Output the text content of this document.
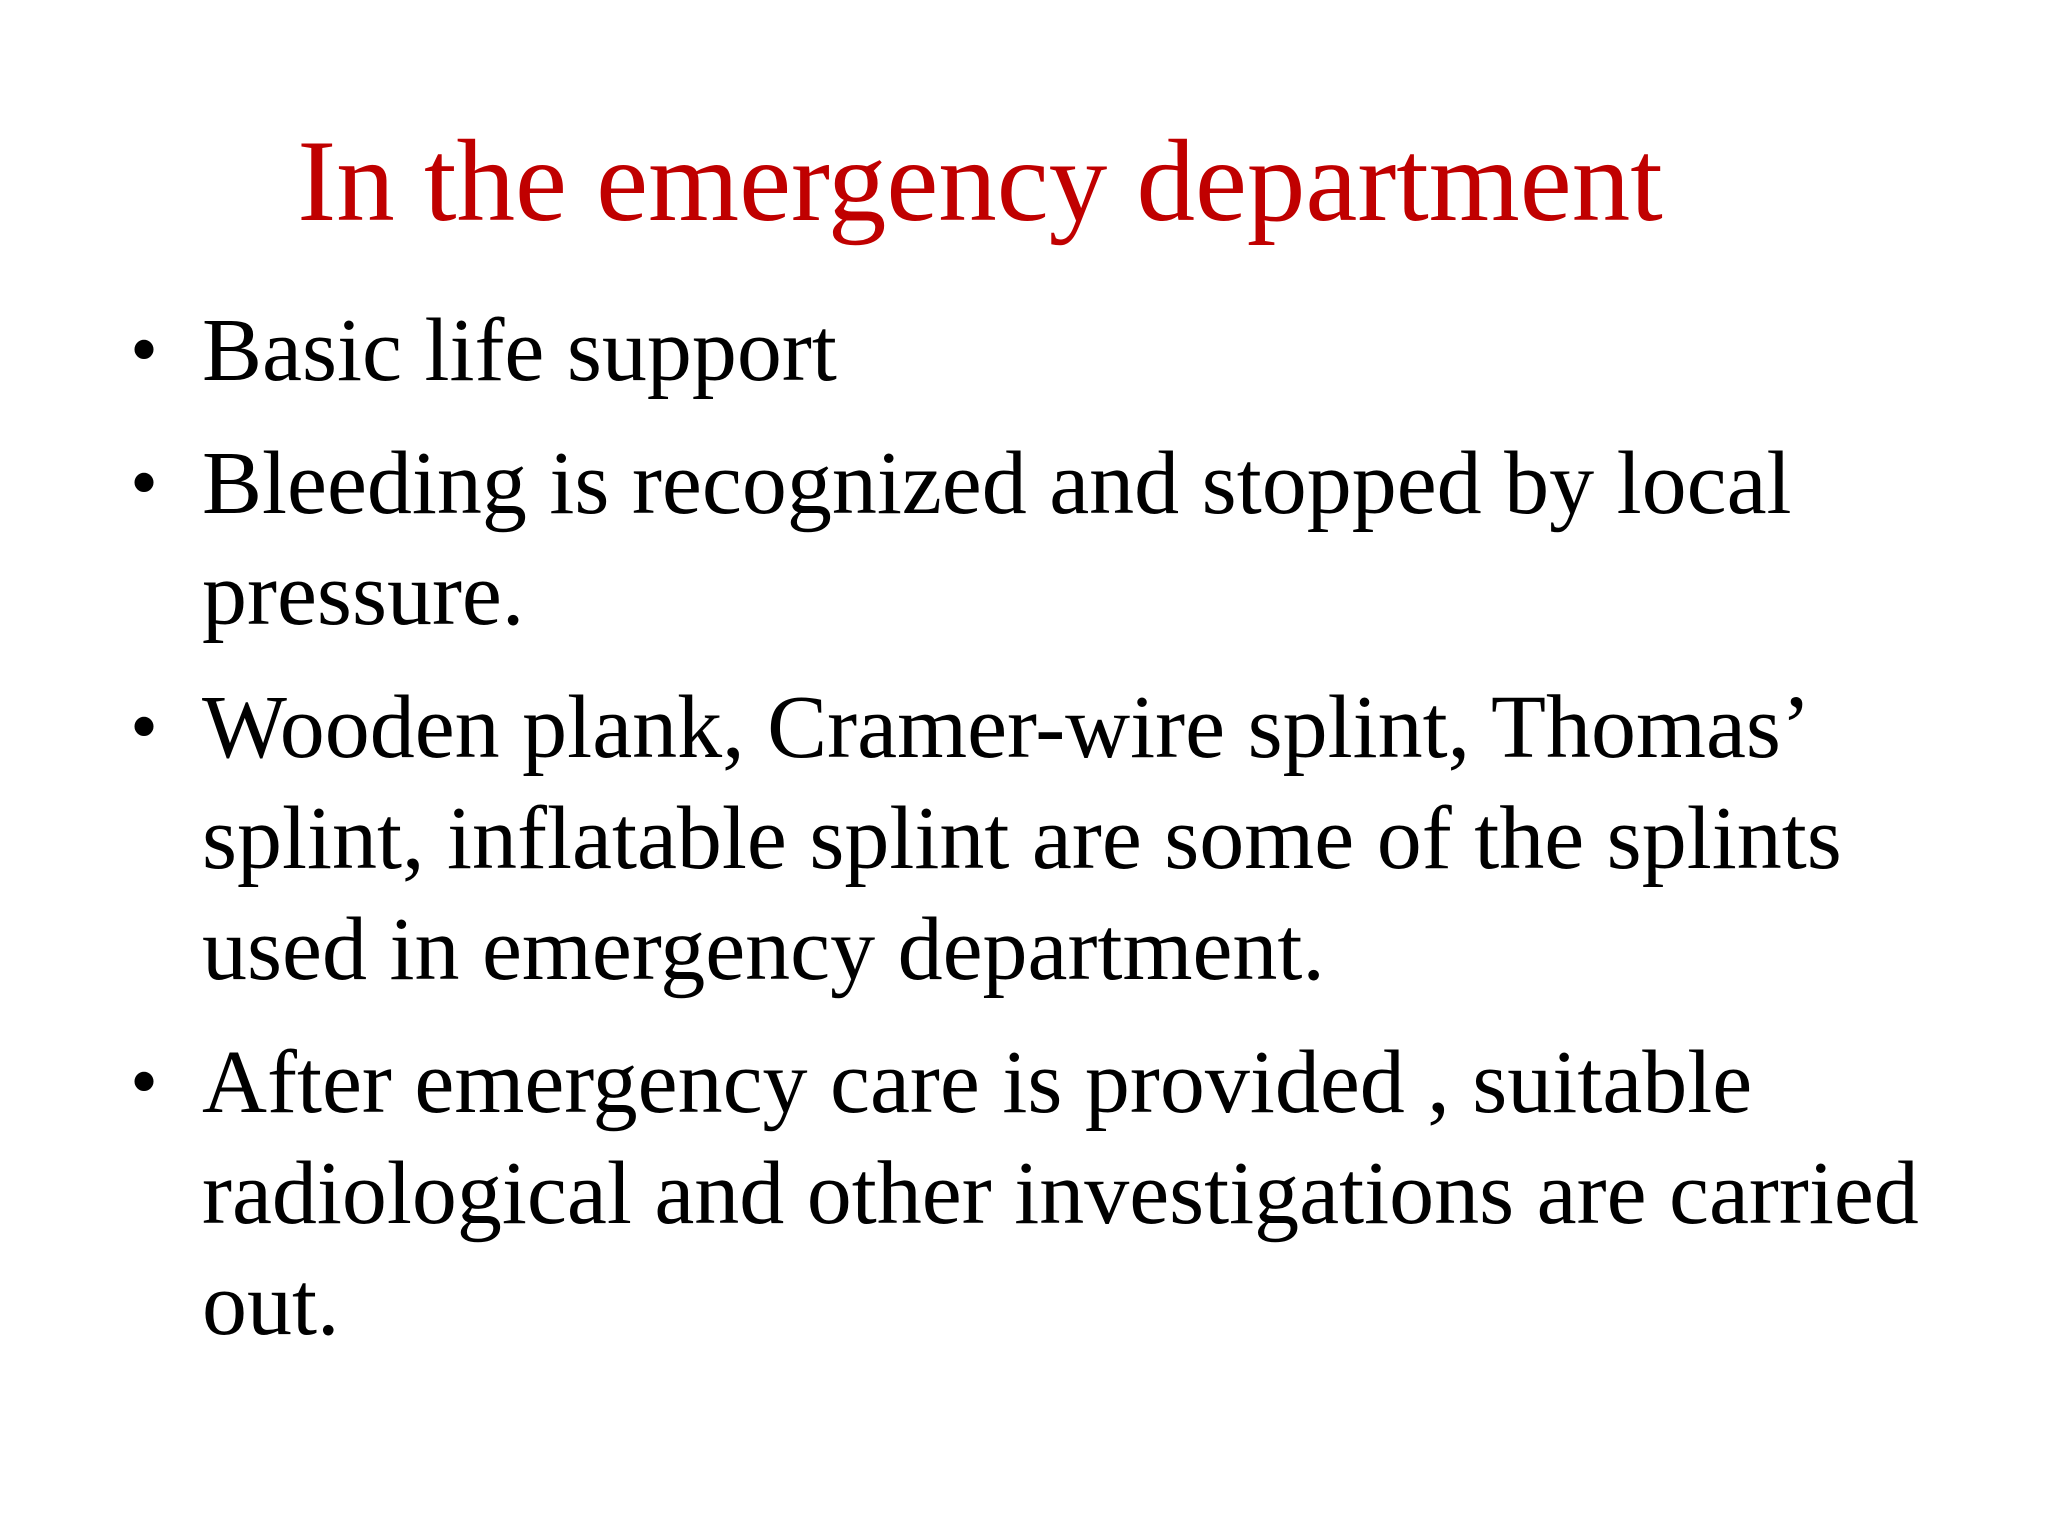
In the emergency department
• Basic life support
• Bleeding is recognized and stopped by local pressure.
• Wooden plank, Cramer-wire splint, Thomas’ splint, inflatable splint are some of the splints used in emergency department.
• After emergency care is provided , suitable radiological and other investigations are carried out.
